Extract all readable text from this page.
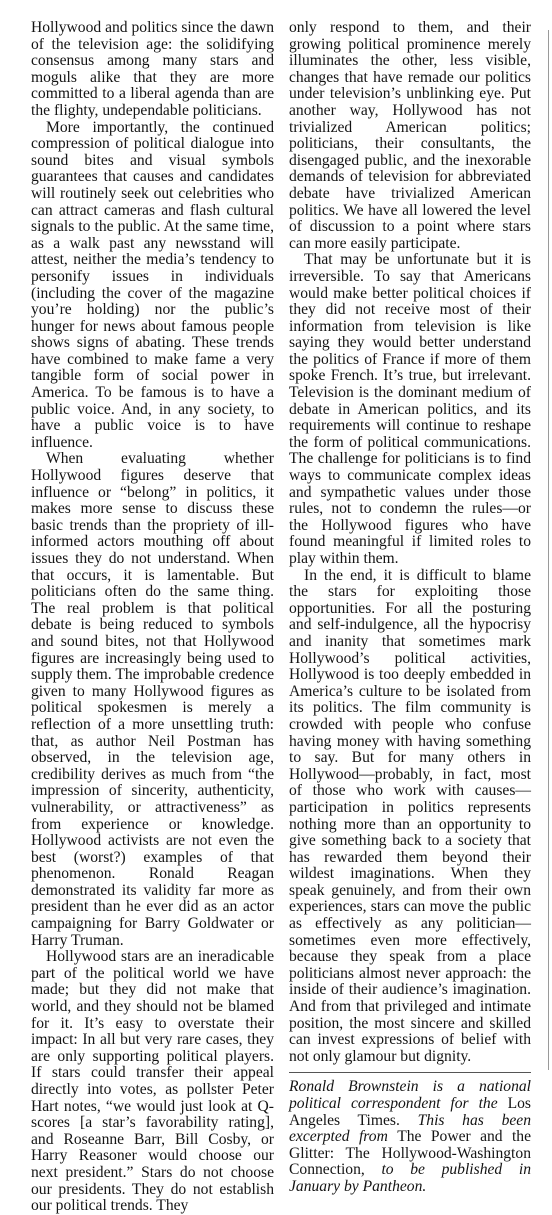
Hollywood and politics since the dawn of the television age: the solidifying consensus among many stars and moguls alike that they are more committed to a liberal agenda than are the flighty, undependable politicians.

More importantly, the continued compression of political dialogue into sound bites and visual symbols guarantees that causes and candidates will routinely seek out celebrities who can attract cameras and flash cultural signals to the public. At the same time, as a walk past any newsstand will attest, neither the media’s tendency to personify issues in individuals (including the cover of the magazine you’re holding) nor the public’s hunger for news about famous people shows signs of abating. These trends have combined to make fame a very tangible form of social power in America. To be famous is to have a public voice. And, in any society, to have a public voice is to have influence.

When evaluating whether Hollywood figures deserve that influence or “belong” in politics, it makes more sense to discuss these basic trends than the propriety of ill-informed actors mouthing off about issues they do not understand. When that occurs, it is lamentable. But politicians often do the same thing. The real problem is that political debate is being reduced to symbols and sound bites, not that Hollywood figures are increasingly being used to supply them. The improbable credence given to many Hollywood figures as political spokesmen is merely a reflection of a more unsettling truth: that, as author Neil Postman has observed, in the television age, credibility derives as much from “the impression of sincerity, authenticity, vulnerability, or attractiveness” as from experience or knowledge. Hollywood activists are not even the best (worst?) examples of that phenomenon. Ronald Reagan demonstrated its validity far more as president than he ever did as an actor campaigning for Barry Goldwater or Harry Truman.

Hollywood stars are an ineradicable part of the political world we have made; but they did not make that world, and they should not be blamed for it. It’s easy to overstate their impact: In all but very rare cases, they are only supporting political players. If stars could transfer their appeal directly into votes, as pollster Peter Hart notes, “we would just look at Q-scores [a star’s favorability rating], and Roseanne Barr, Bill Cosby, or Harry Reasoner would choose our next president.” Stars do not choose our presidents. They do not establish our political trends. They

only respond to them, and their growing political prominence merely illuminates the other, less visible, changes that have remade our politics under television’s unblinking eye. Put another way, Hollywood has not trivialized American politics; politicians, their consultants, the disengaged public, and the inexorable demands of television for abbreviated debate have trivialized American politics. We have all lowered the level of discussion to a point where stars can more easily participate.

That may be unfortunate but it is irreversible. To say that Americans would make better political choices if they did not receive most of their information from television is like saying they would better understand the politics of France if more of them spoke French. It’s true, but irrelevant. Television is the dominant medium of debate in American politics, and its requirements will continue to reshape the form of political communications. The challenge for politicians is to find ways to communicate complex ideas and sympathetic values under those rules, not to condemn the rules—or the Hollywood figures who have found meaningful if limited roles to play within them.

In the end, it is difficult to blame the stars for exploiting those opportunities. For all the posturing and self-indulgence, all the hypocrisy and inanity that sometimes mark Hollywood’s political activities, Hollywood is too deeply embedded in America’s culture to be isolated from its politics. The film community is crowded with people who confuse having money with having something to say. But for many others in Hollywood—probably, in fact, most of those who work with causes—participation in politics represents nothing more than an opportunity to give something back to a society that has rewarded them beyond their wildest imaginations. When they speak genuinely, and from their own experiences, stars can move the public as effectively as any politician—sometimes even more effectively, because they speak from a place politicians almost never approach: the inside of their audience’s imagination. And from that privileged and intimate position, the most sincere and skilled can invest expressions of belief with not only glamour but dignity.

Ronald Brownstein is a national political correspondent for the Los Angeles Times. This has been excerpted from The Power and the Glitter: The Hollywood-Washington Connection, to be published in January by Pantheon.
